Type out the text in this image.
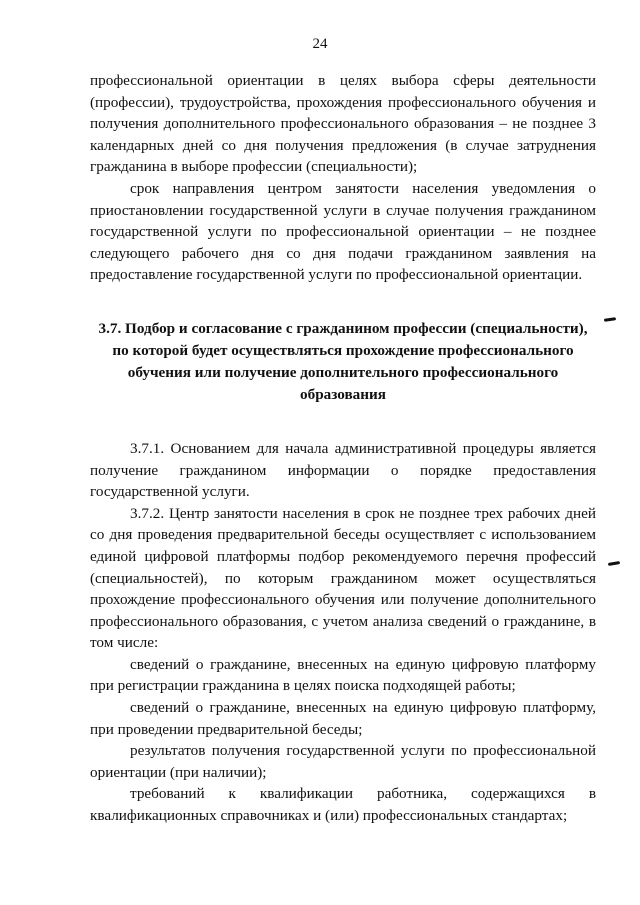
24

профессиональной ориентации в целях выбора сферы деятельности (профессии), трудоустройства, прохождения профессионального обучения и получения дополнительного профессионального образования – не позднее 3 календарных дней со дня получения предложения (в случае затруднения гражданина в выборе профессии (специальности);

срок направления центром занятости населения уведомления о приостановлении государственной услуги в случае получения гражданином государственной услуги по профессиональной ориентации – не позднее следующего рабочего дня со дня подачи гражданином заявления на предоставление государственной услуги по профессиональной ориентации.

3.7. Подбор и согласование с гражданином профессии (специальности), по которой будет осуществляться прохождение профессионального обучения или получение дополнительного профессионального образования

3.7.1. Основанием для начала административной процедуры является получение гражданином информации о порядке предоставления государственной услуги.

3.7.2. Центр занятости населения в срок не позднее трех рабочих дней со дня проведения предварительной беседы осуществляет с использованием единой цифровой платформы подбор рекомендуемого перечня профессий (специальностей), по которым гражданином может осуществляться прохождение профессионального обучения или получение дополнительного профессионального образования, с учетом анализа сведений о гражданине, в том числе:

сведений о гражданине, внесенных на единую цифровую платформу при регистрации гражданина в целях поиска подходящей работы;

сведений о гражданине, внесенных на единую цифровую платформу, при проведении предварительной беседы;

результатов получения государственной услуги по профессиональной ориентации (при наличии);

требований к квалификации работника, содержащихся в квалификационных справочниках и (или) профессиональных стандартах;
